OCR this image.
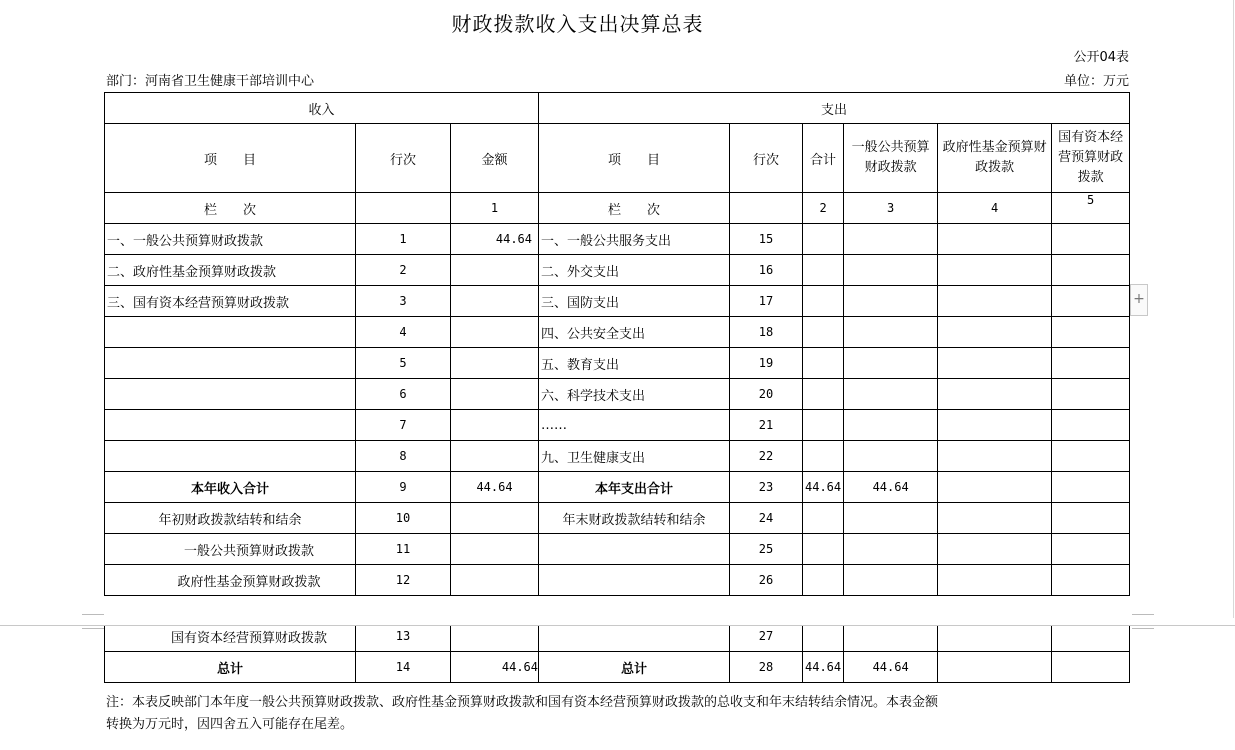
财政拨款收入支出决算总表
公开04表
部门：河南省卫生健康干部培训中心	单位：万元
收入			支出					
项　　目	行次	金额	项　　目	行次	合计	一般公共预算财政拨款	政府性基金预算财政拨款	国有资本经营预算财政拨款
栏　　次		1	栏　　次		2	3	4	5
一、一般公共预算财政拨款	1	44.64	一、一般公共服务支出	15				
二、政府性基金预算财政拨款	2		二、外交支出	16				
三、国有资本经营预算财政拨款	3		三、国防支出	17				
	4		四、公共安全支出	18				
	5		五、教育支出	19				
	6		六、科学技术支出	20				
	7		……	21				
	8		九、卫生健康支出	22				
本年收入合计	9	44.64	本年支出合计	23	44.64	44.64		
年初财政拨款结转和结余	10		年末财政拨款结转和结余	24				
一般公共预算财政拨款	11			25				
政府性基金预算财政拨款	12			26				

国有资本经营预算财政拨款	13			27				
总计	14	44.64	总计	28	44.64	44.64		
注：本表反映部门本年度一般公共预算财政拨款、政府性基金预算财政拨款和国有资本经营预算财政拨款的总收支和年末结转结余情况。本表金额
转换为万元时，因四舍五入可能存在尾差。
+
